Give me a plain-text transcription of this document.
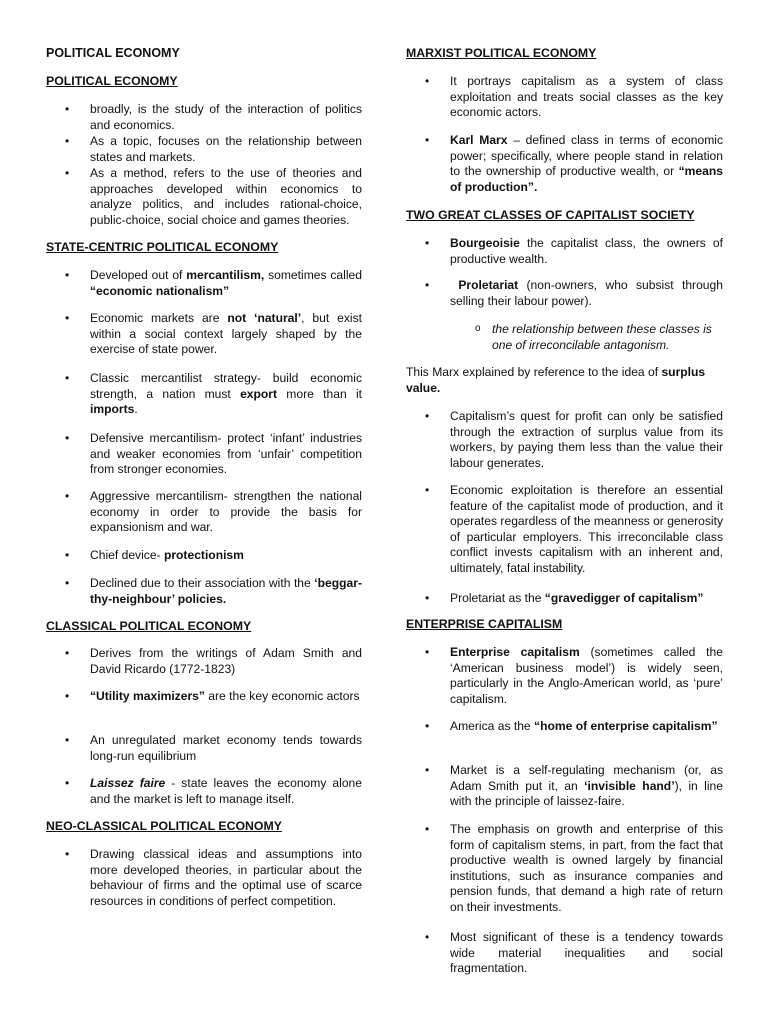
POLITICAL ECONOMY
POLITICAL ECONOMY
• broadly, is the study of the interaction of politics and economics.
• As a topic, focuses on the relationship between states and markets.
• As a method, refers to the use of theories and approaches developed within economics to analyze politics, and includes rational-choice, public-choice, social choice and games theories.
STATE-CENTRIC POLITICAL ECONOMY
• Developed out of mercantilism, sometimes called “economic nationalism”
• Economic markets are not ‘natural’, but exist within a social context largely shaped by the exercise of state power.
• Classic mercantilist strategy- build economic strength, a nation must export more than it imports.
• Defensive mercantilism- protect ‘infant’ industries and weaker economies from ‘unfair’ competition from stronger economies.
• Aggressive mercantilism- strengthen the national economy in order to provide the basis for expansionism and war.
• Chief device- protectionism
• Declined due to their association with the ‘beggar-thy-neighbour’ policies.
CLASSICAL POLITICAL ECONOMY
• Derives from the writings of Adam Smith and David Ricardo (1772-1823)
• “Utility maximizers” are the key economic actors
• An unregulated market economy tends towards long-run equilibrium
• Laissez faire - state leaves the economy alone and the market is left to manage itself.
NEO-CLASSICAL POLITICAL ECONOMY
• Drawing classical ideas and assumptions into more developed theories, in particular about the behaviour of firms and the optimal use of scarce resources in conditions of perfect competition.
MARXIST POLITICAL ECONOMY
• It portrays capitalism as a system of class exploitation and treats social classes as the key economic actors.
• Karl Marx – defined class in terms of economic power; specifically, where people stand in relation to the ownership of productive wealth, or “means of production”.
TWO GREAT CLASSES OF CAPITALIST SOCIETY
• Bourgeoisie the capitalist class, the owners of productive wealth.
• Proletariat (non-owners, who subsist through selling their labour power).
o the relationship between these classes is one of irreconcilable antagonism.
This Marx explained by reference to the idea of surplus value.
• Capitalism’s quest for profit can only be satisfied through the extraction of surplus value from its workers, by paying them less than the value their labour generates.
• Economic exploitation is therefore an essential feature of the capitalist mode of production, and it operates regardless of the meanness or generosity of particular employers. This irreconcilable class conflict invests capitalism with an inherent and, ultimately, fatal instability.
• Proletariat as the “gravedigger of capitalism”
ENTERPRISE CAPITALISM
• Enterprise capitalism (sometimes called the ‘American business model’) is widely seen, particularly in the Anglo-American world, as ‘pure’ capitalism.
• America as the “home of enterprise capitalism”
• Market is a self-regulating mechanism (or, as Adam Smith put it, an ‘invisible hand’), in line with the principle of laissez-faire.
• The emphasis on growth and enterprise of this form of capitalism stems, in part, from the fact that productive wealth is owned largely by financial institutions, such as insurance companies and pension funds, that demand a high rate of return on their investments.
• Most significant of these is a tendency towards wide material inequalities and social fragmentation.
